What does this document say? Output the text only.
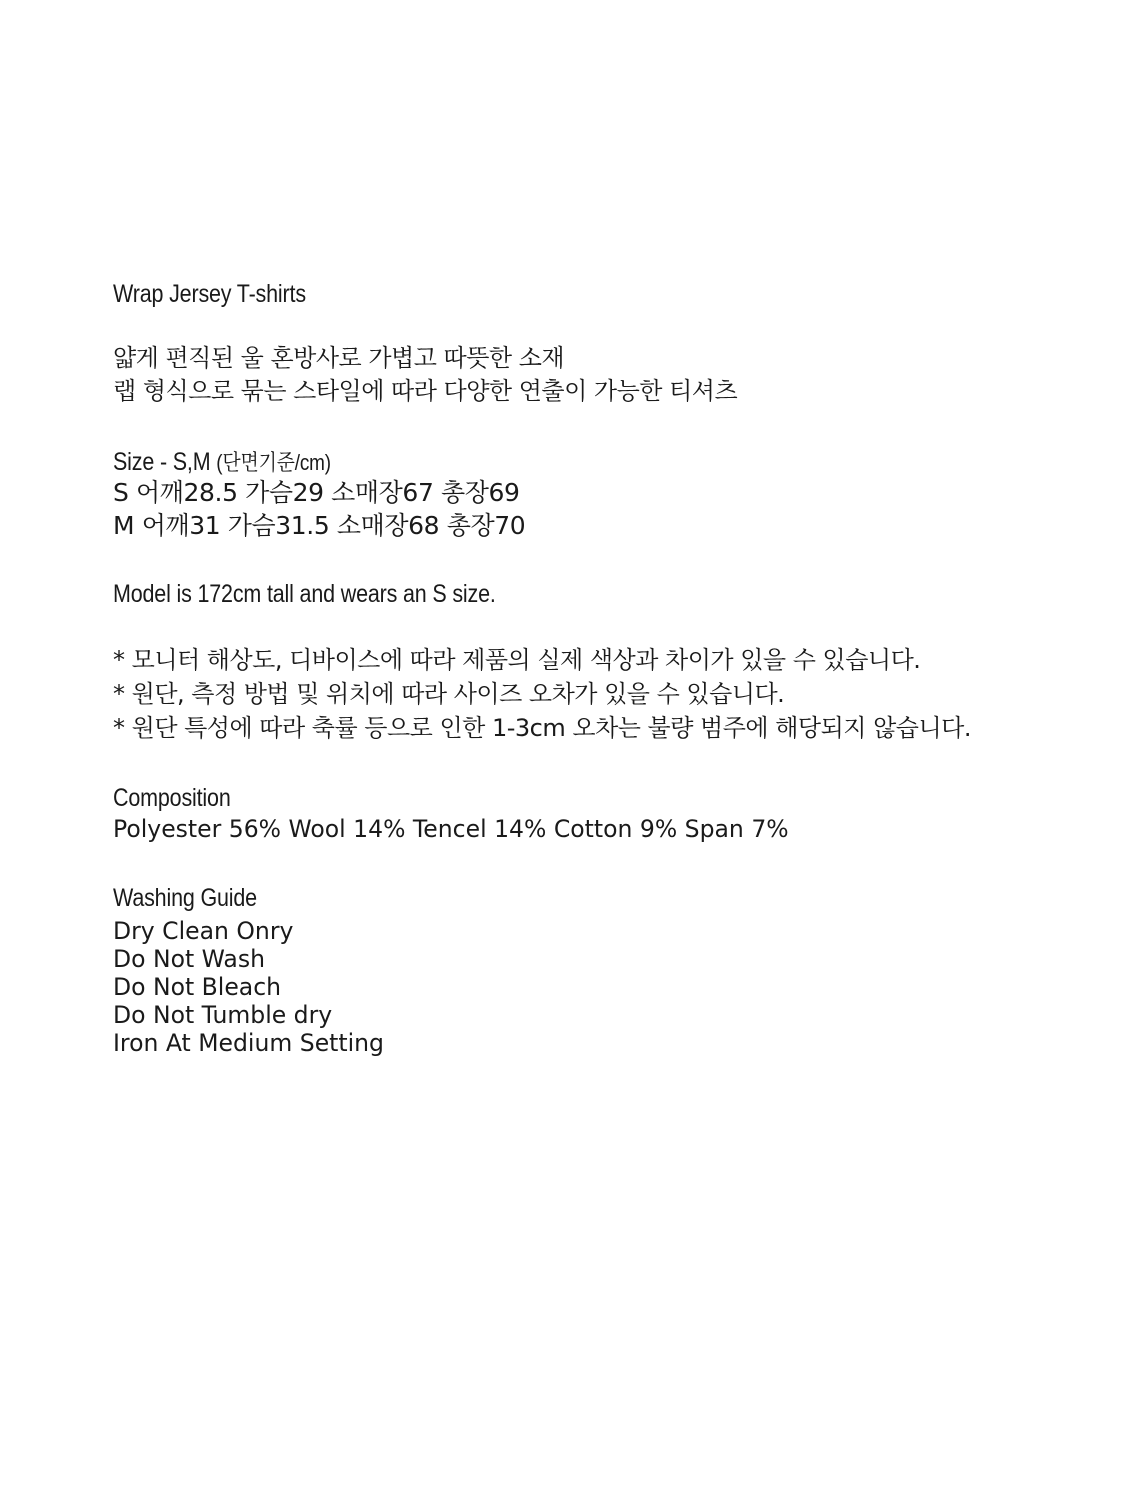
Wrap Jersey T-shirts
얇게 편직된 울 혼방사로 가볍고 따뜻한 소재
랩 형식으로 묶는 스타일에 따라 다양한 연출이 가능한 티셔츠
Size - S,M (단면기준/cm)
S 어깨28.5 가슴29 소매장67 총장69
M 어깨31 가슴31.5 소매장68 총장70
Model is 172cm tall and wears an S size.
* 모니터 해상도, 디바이스에 따라 제품의 실제 색상과 차이가 있을 수 있습니다.
* 원단, 측정 방법 및 위치에 따라 사이즈 오차가 있을 수 있습니다.
* 원단 특성에 따라 축률 등으로 인한 1-3cm 오차는 불량 범주에 해당되지 않습니다.
Composition
Polyester 56% Wool 14% Tencel 14% Cotton 9% Span 7%
Washing Guide
Dry Clean Onry
Do Not Wash
Do Not Bleach
Do Not Tumble dry
Iron At Medium Setting
